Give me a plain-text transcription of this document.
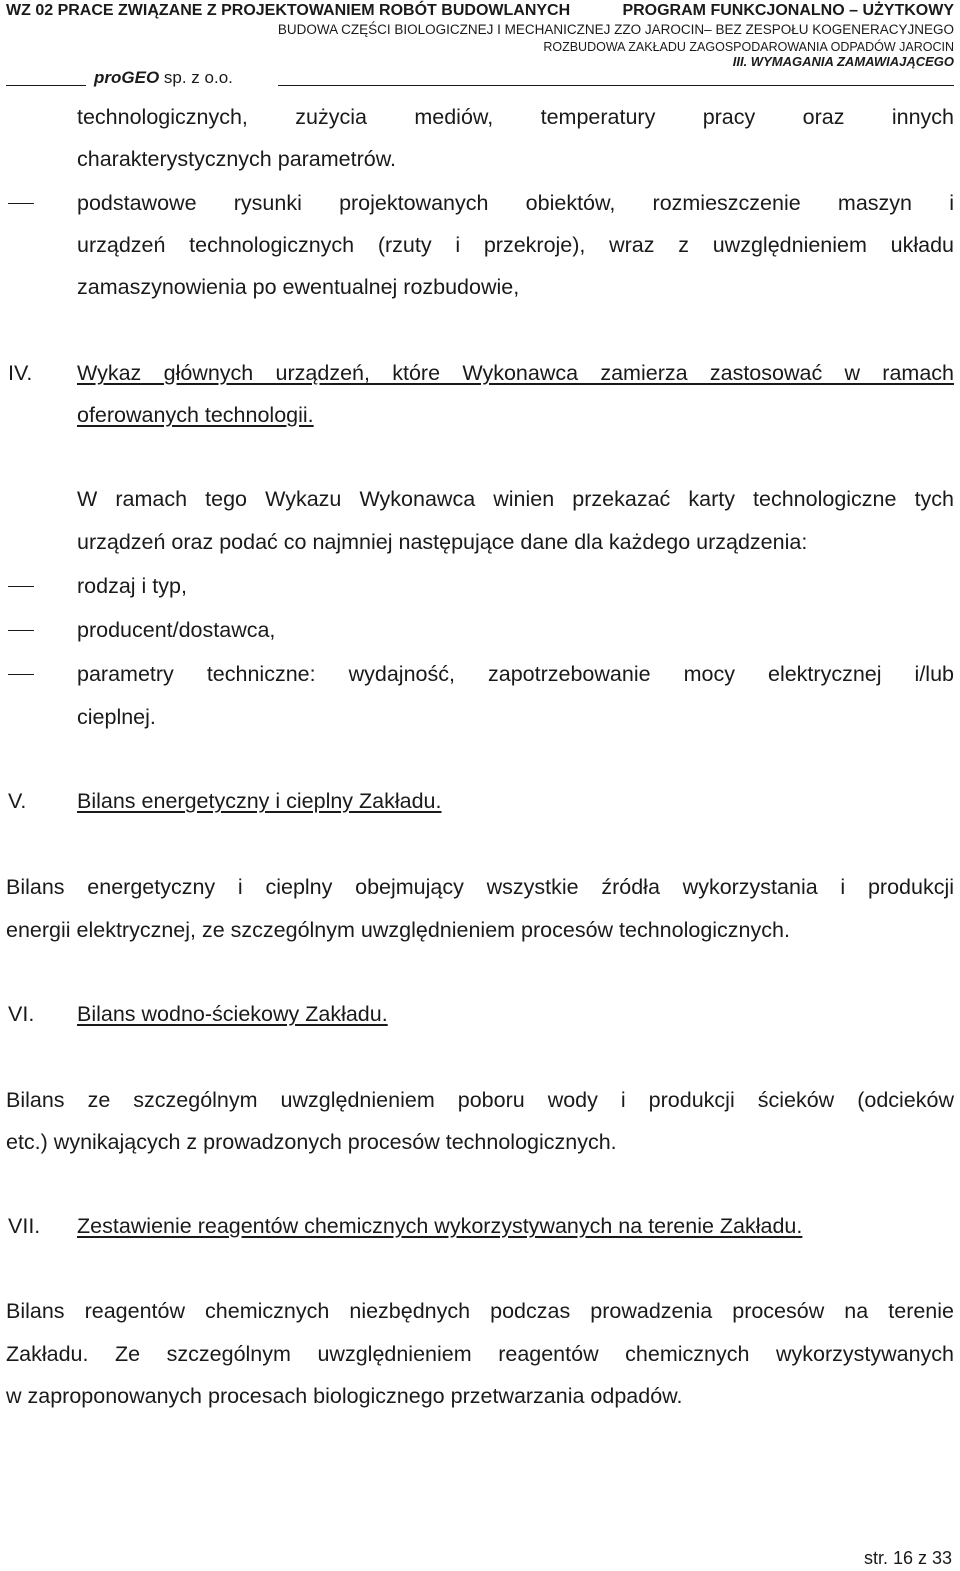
WZ 02 PRACE ZWIĄZANE Z PROJEKTOWANIEM ROBÓT BUDOWLANYCH	PROGRAM FUNKCJONALNO – UŻYTKOWY
BUDOWA CZĘŚCI BIOLOGICZNEJ I MECHANICZNEJ ZZO JAROCIN– BEZ ZESPOŁU KOGENERACYJNEGO
ROZBUDOWA ZAKŁADU ZAGOSPODAROWANIA ODPADÓW JAROCIN
III. WYMAGANIA ZAMAWIAJĄCEGO
proGEO sp. z o.o.
technologicznych, zużycia mediów, temperatury pracy oraz innych
charakterystycznych parametrów.
podstawowe rysunki projektowanych obiektów, rozmieszczenie maszyn i
urządzeń technologicznych (rzuty i przekroje), wraz z uwzględnieniem układu
zamaszynowienia po ewentualnej rozbudowie,
IV. Wykaz głównych urządzeń, które Wykonawca zamierza zastosować w ramach
oferowanych technologii.
W ramach tego Wykazu Wykonawca winien przekazać karty technologiczne tych
urządzeń oraz podać co najmniej następujące dane dla każdego urządzenia:
rodzaj i typ,
producent/dostawca,
parametry techniczne: wydajność, zapotrzebowanie mocy elektrycznej i/lub
cieplnej.
V. Bilans energetyczny i cieplny Zakładu.
Bilans energetyczny i cieplny obejmujący wszystkie źródła wykorzystania i produkcji
energii elektrycznej, ze szczególnym uwzględnieniem procesów technologicznych.
VI. Bilans wodno-ściekowy Zakładu.
Bilans ze szczególnym uwzględnieniem poboru wody i produkcji ścieków (odcieków
etc.) wynikających z prowadzonych procesów technologicznych.
VII. Zestawienie reagentów chemicznych wykorzystywanych na terenie Zakładu.
Bilans reagentów chemicznych niezbędnych podczas prowadzenia procesów na terenie
Zakładu. Ze szczególnym uwzględnieniem reagentów chemicznych wykorzystywanych
w zaproponowanych procesach biologicznego przetwarzania odpadów.
str. 16 z 33
